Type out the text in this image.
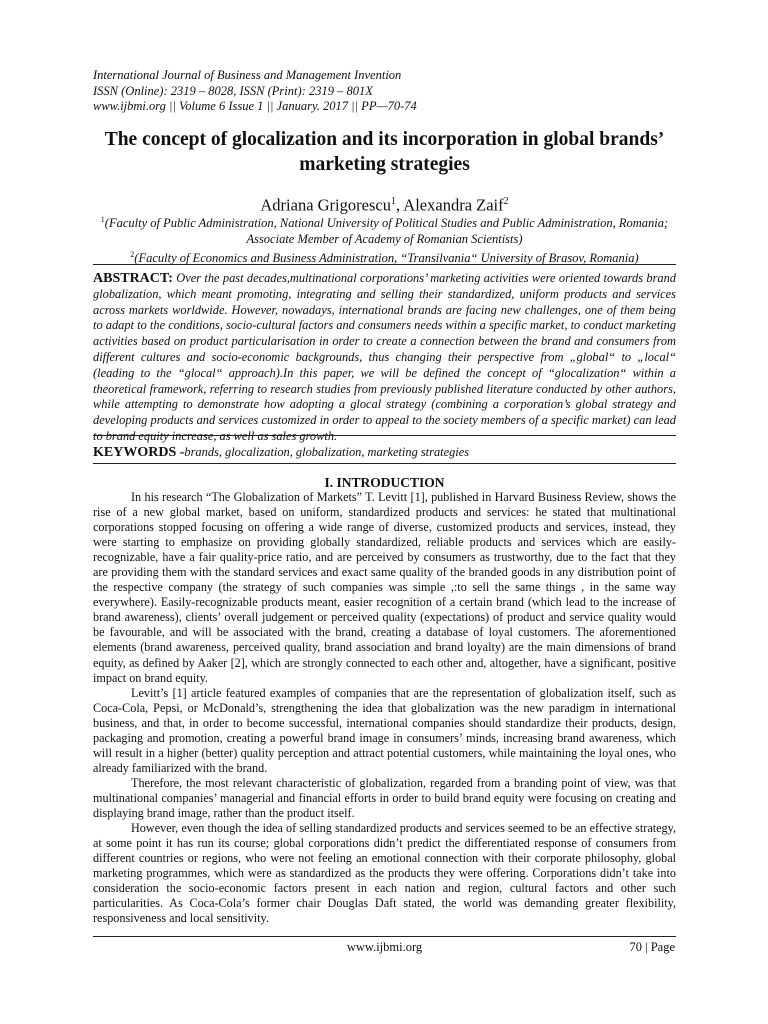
International Journal of Business and Management Invention
ISSN (Online): 2319 – 8028, ISSN (Print): 2319 – 801X
www.ijbmi.org || Volume 6 Issue 1 || January. 2017 || PP—70-74
The concept of glocalization and its incorporation in global brands’ marketing strategies
Adriana Grigorescu$^1$, Alexandra Zaif$^2$
$^1$(Faculty of Public Administration, National University of Political Studies and Public Administration, Romania; Associate Member of Academy of Romanian Scientists)
$^2$(Faculty of Economics and Business Administration, “Transilvania“ University of Brasov, Romania)
ABSTRACT: Over the past decades,multinational corporations’ marketing activities were oriented towards brand globalization, which meant promoting, integrating and selling their standardized, uniform products and services across markets worldwide. However, nowadays, international brands are facing new challenges, one of them being to adapt to the conditions, socio-cultural factors and consumers needs within a specific market, to conduct marketing activities based on product particularisation in order to create a connection between the brand and consumers from different cultures and socio-economic backgrounds, thus changing their perspective from „global“ to „local“ (leading to the “glocal“ approach).In this paper, we will be defined the concept of “glocalization“ within a theoretical framework, referring to research studies from previously published literature conducted by other authors, while attempting to demonstrate how adopting a glocal strategy (combining a corporation’s global strategy and developing products and services customized in order to appeal to the society members of a specific market) can lead to brand equity increase, as well as sales growth.
KEYWORDS -brands, glocalization, globalization, marketing strategies
I. INTRODUCTION

In his research “The Globalization of Markets” T. Levitt [1], published in Harvard Business Review, shows the rise of a new global market, based on uniform, standardized products and services: he stated that multinational corporations stopped focusing on offering a wide range of diverse, customized products and services, instead, they were starting to emphasize on providing globally standardized, reliable products and services which are easily-recognizable, have a fair quality-price ratio, and are perceived by consumers as trustworthy, due to the fact that they are providing them with the standard services and exact same quality of the branded goods in any distribution point of the respective company (the strategy of such companies was simple ,:to sell the same things , in the same way everywhere). Easily-recognizable products meant, easier recognition of a certain brand (which lead to the increase of brand awareness), clients’ overall judgement or perceived quality (expectations) of product and service quality would be favourable, and will be associated with the brand, creating a database of loyal customers. The aforementioned elements (brand awareness, perceived quality, brand association and brand loyalty) are the main dimensions of brand equity, as defined by Aaker [2], which are strongly connected to each other and, altogether, have a significant, positive impact on brand equity.

Levitt’s [1] article featured examples of companies that are the representation of globalization itself, such as Coca-Cola, Pepsi, or McDonald’s, strengthening the idea that globalization was the new paradigm in international business, and that, in order to become successful, international companies should standardize their products, design, packaging and promotion, creating a powerful brand image in consumers’ minds, increasing brand awareness, which will result in a higher (better) quality perception and attract potential customers, while maintaining the loyal ones, who already familiarized with the brand.

Therefore, the most relevant characteristic of globalization, regarded from a branding point of view, was that multinational companies’ managerial and financial efforts in order to build brand equity were focusing on creating and displaying brand image, rather than the product itself.

However, even though the idea of selling standardized products and services seemed to be an effective strategy, at some point it has run its course; global corporations didn’t predict the differentiated response of consumers from different countries or regions, who were not feeling an emotional connection with their corporate philosophy, global marketing programmes, which were as standardized as the products they were offering. Corporations didn’t take into consideration the socio-economic factors present in each nation and region, cultural factors and other such particularities. As Coca-Cola’s former chair Douglas Daft stated, the world was demanding greater flexibility, responsiveness and local sensitivity.

www.ijbmi.org	70 | Page
